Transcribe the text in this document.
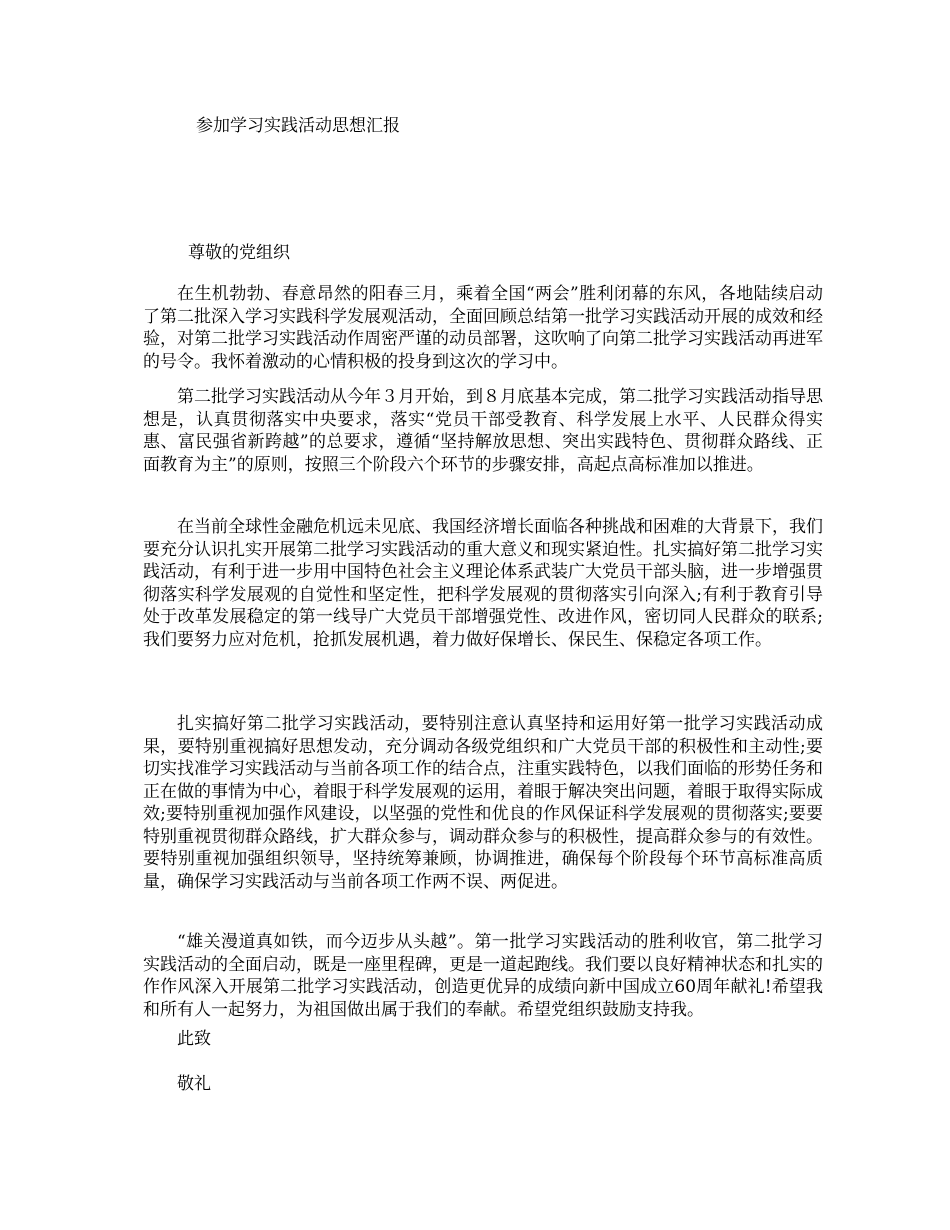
参加学习实践活动思想汇报
尊敬的党组织

在生机勃勃、春意昂然的阳春三月，乘着全国“两会”胜利闭幕的东风，各地陆续启动了第二批深入学习实践科学发展观活动，全面回顾总结第一批学习实践活动开展的成效和经验，对第二批学习实践活动作周密严谨的动员部署，这吹响了向第二批学习实践活动再进军的号令。我怀着激动的心情积极的投身到这次的学习中。

第二批学习实践活动从今年３月开始，到８月底基本完成，第二批学习实践活动指导思想是，认真贯彻落实中央要求，落实“党员干部受教育、科学发展上水平、人民群众得实惠、富民强省新跨越”的总要求，遵循“坚持解放思想、突出实践特色、贯彻群众路线、正面教育为主”的原则，按照三个阶段六个环节的步骤安排，高起点高标准加以推进。

在当前全球性金融危机远未见底、我国经济增长面临各种挑战和困难的大背景下，我们要充分认识扎实开展第二批学习实践活动的重大意义和现实紧迫性。扎实搞好第二批学习实践活动，有利于进一步用中国特色社会主义理论体系武装广大党员干部头脑，进一步增强贯彻落实科学发展观的自觉性和坚定性，把科学发展观的贯彻落实引向深入;有利于教育引导处于改革发展稳定的第一线导广大党员干部增强党性、改进作风，密切同人民群众的联系;我们要努力应对危机，抢抓发展机遇，着力做好保增长、保民生、保稳定各项工作。

扎实搞好第二批学习实践活动，要特别注意认真坚持和运用好第一批学习实践活动成果，要特别重视搞好思想发动，充分调动各级党组织和广大党员干部的积极性和主动性;要切实找准学习实践活动与当前各项工作的结合点，注重实践特色，以我们面临的形势任务和正在做的事情为中心，着眼于科学发展观的运用，着眼于解决突出问题，着眼于取得实际成效;要特别重视加强作风建设，以坚强的党性和优良的作风保证科学发展观的贯彻落实;要要特别重视贯彻群众路线，扩大群众参与，调动群众参与的积极性，提高群众参与的有效性。要特别重视加强组织领导，坚持统筹兼顾，协调推进，确保每个阶段每个环节高标准高质量，确保学习实践活动与当前各项工作两不误、两促进。

“雄关漫道真如铁，而今迈步从头越”。第一批学习实践活动的胜利收官，第二批学习实践活动的全面启动，既是一座里程碑，更是一道起跑线。我们要以良好精神状态和扎实的作作风深入开展第二批学习实践活动，创造更优异的成绩向新中国成立60周年献礼!希望我和所有人一起努力，为祖国做出属于我们的奉献。希望党组织鼓励支持我。

此致
敬礼
